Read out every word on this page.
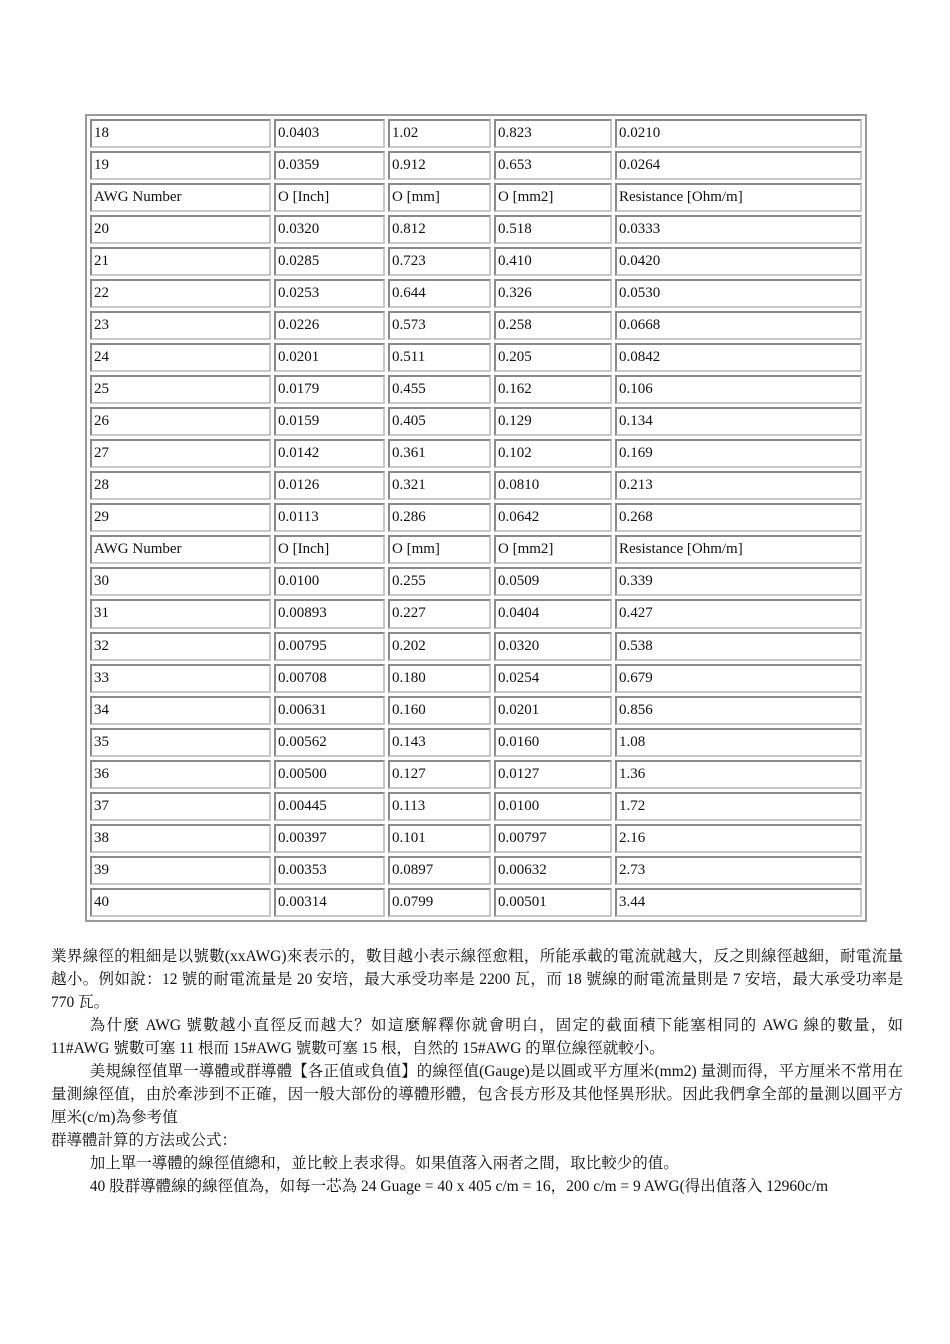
18	0.0403	1.02	0.823	0.0210
19	0.0359	0.912	0.653	0.0264
AWG Number	O [Inch]	O [mm]	O [mm2]	Resistance [Ohm/m]
20	0.0320	0.812	0.518	0.0333
21	0.0285	0.723	0.410	0.0420
22	0.0253	0.644	0.326	0.0530
23	0.0226	0.573	0.258	0.0668
24	0.0201	0.511	0.205	0.0842
25	0.0179	0.455	0.162	0.106
26	0.0159	0.405	0.129	0.134
27	0.0142	0.361	0.102	0.169
28	0.0126	0.321	0.0810	0.213
29	0.0113	0.286	0.0642	0.268
AWG Number	O [Inch]	O [mm]	O [mm2]	Resistance [Ohm/m]
30	0.0100	0.255	0.0509	0.339
31	0.00893	0.227	0.0404	0.427
32	0.00795	0.202	0.0320	0.538
33	0.00708	0.180	0.0254	0.679
34	0.00631	0.160	0.0201	0.856
35	0.00562	0.143	0.0160	1.08
36	0.00500	0.127	0.0127	1.36
37	0.00445	0.113	0.0100	1.72
38	0.00397	0.101	0.00797	2.16
39	0.00353	0.0897	0.00632	2.73
40	0.00314	0.0799	0.00501	3.44

業界線徑的粗細是以號數(xxAWG)來表示的，數目越小表示線徑愈粗，所能承載的電流就越大，反之則線徑越細，耐電流量越小。例如說：12 號的耐電流量是 20 安培，最大承受功率是 2200 瓦，而 18 號線的耐電流量則是 7 安培，最大承受功率是 770 瓦。

為什麼 AWG 號數越小直徑反而越大？如這麼解釋你就會明白，固定的截面積下能塞相同的 AWG 線的數量，如 11#AWG 號數可塞 11 根而 15#AWG 號數可塞 15 根，自然的 15#AWG 的單位線徑就較小。

美規線徑值單一導體或群導體【各正值或負值】的線徑值(Gauge)是以圓或平方厘米(mm2) 量測而得，平方厘米不常用在量測線徑值，由於牽涉到不正確，因一般大部份的導體形體，包含長方形及其他怪異形狀。因此我們拿全部的量測以圓平方厘米(c/m)為參考值

群導體計算的方法或公式：

加上單一導體的線徑值總和，並比較上表求得。如果值落入兩者之間，取比較少的值。

40 股群導體線的線徑值為，如每一芯為 24 Guage = 40 x 405 c/m = 16，200 c/m = 9 AWG(得出值落入 12960c/m
